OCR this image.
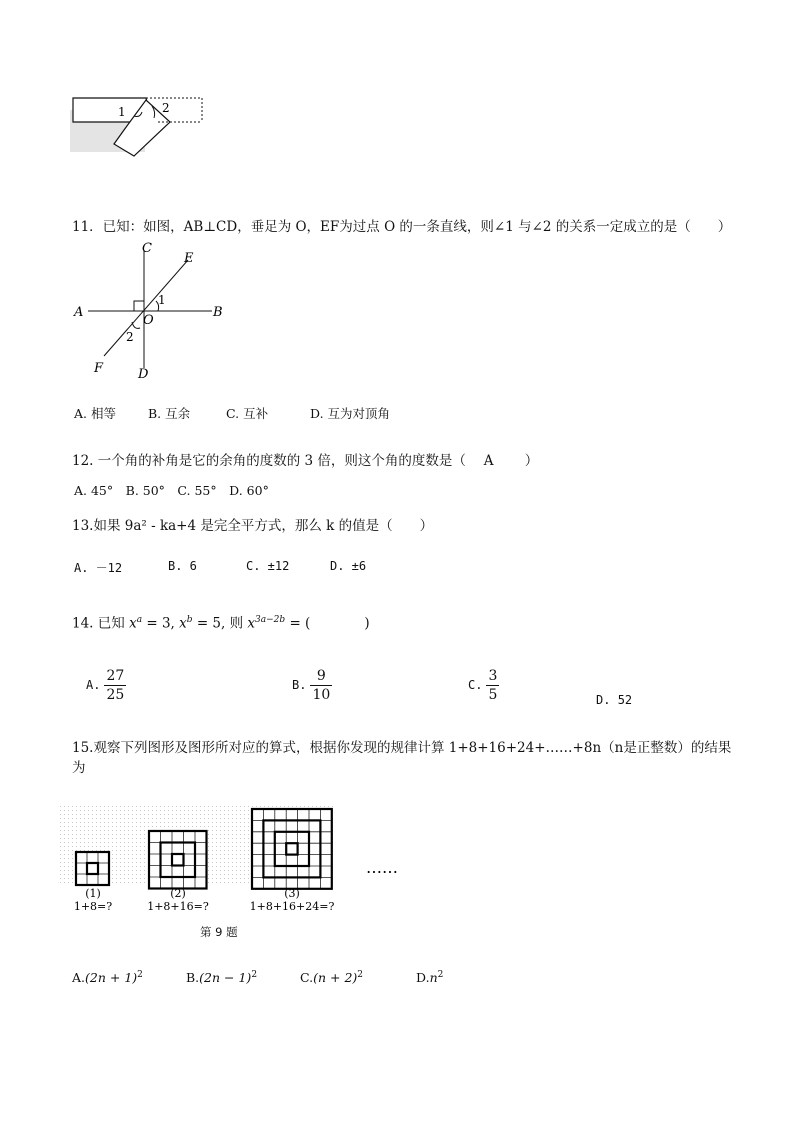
1	2
11．已知：如图，AB⊥CD，垂足为 O，EF为过点 O 的一条直线，则∠1 与∠2 的关系一定成立的是（　　）
C
E
A	B
O
1
2
F	D
A. 相等	B. 互余	C. 互补	D. 互为对顶角
12. 一个角的补角是它的余角的度数的 3 倍，则这个角的度数是（　 A　　 ）
A. 45°　B. 50°　C. 55°　D. 60°
13.如果 9a² - ka+4 是完全平方式，那么 k 的值是（　　）
A. －12	B. 6	C. ±12	D. ±6
14. 已知 $x^a = 3$, $x^b = 5$, 则 $x^{3a-2b}$ = (　　　　)
A. $\frac{27}{25}$	B. $\frac{9}{10}$	C. $\frac{3}{5}$	D. 52
15.观察下列图形及图形所对应的算式，根据你发现的规律计算 1+8+16+24+……+8n（n是正整数）的结果
为
(1)
1+8=?
(2)
1+8+16=?
(3)
1+8+16+24=?
……
第 9 题
$A.(2n + 1)^2$	$B.(2n - 1)^2$	$C.(n + 2)^2$	$D.n^2$
